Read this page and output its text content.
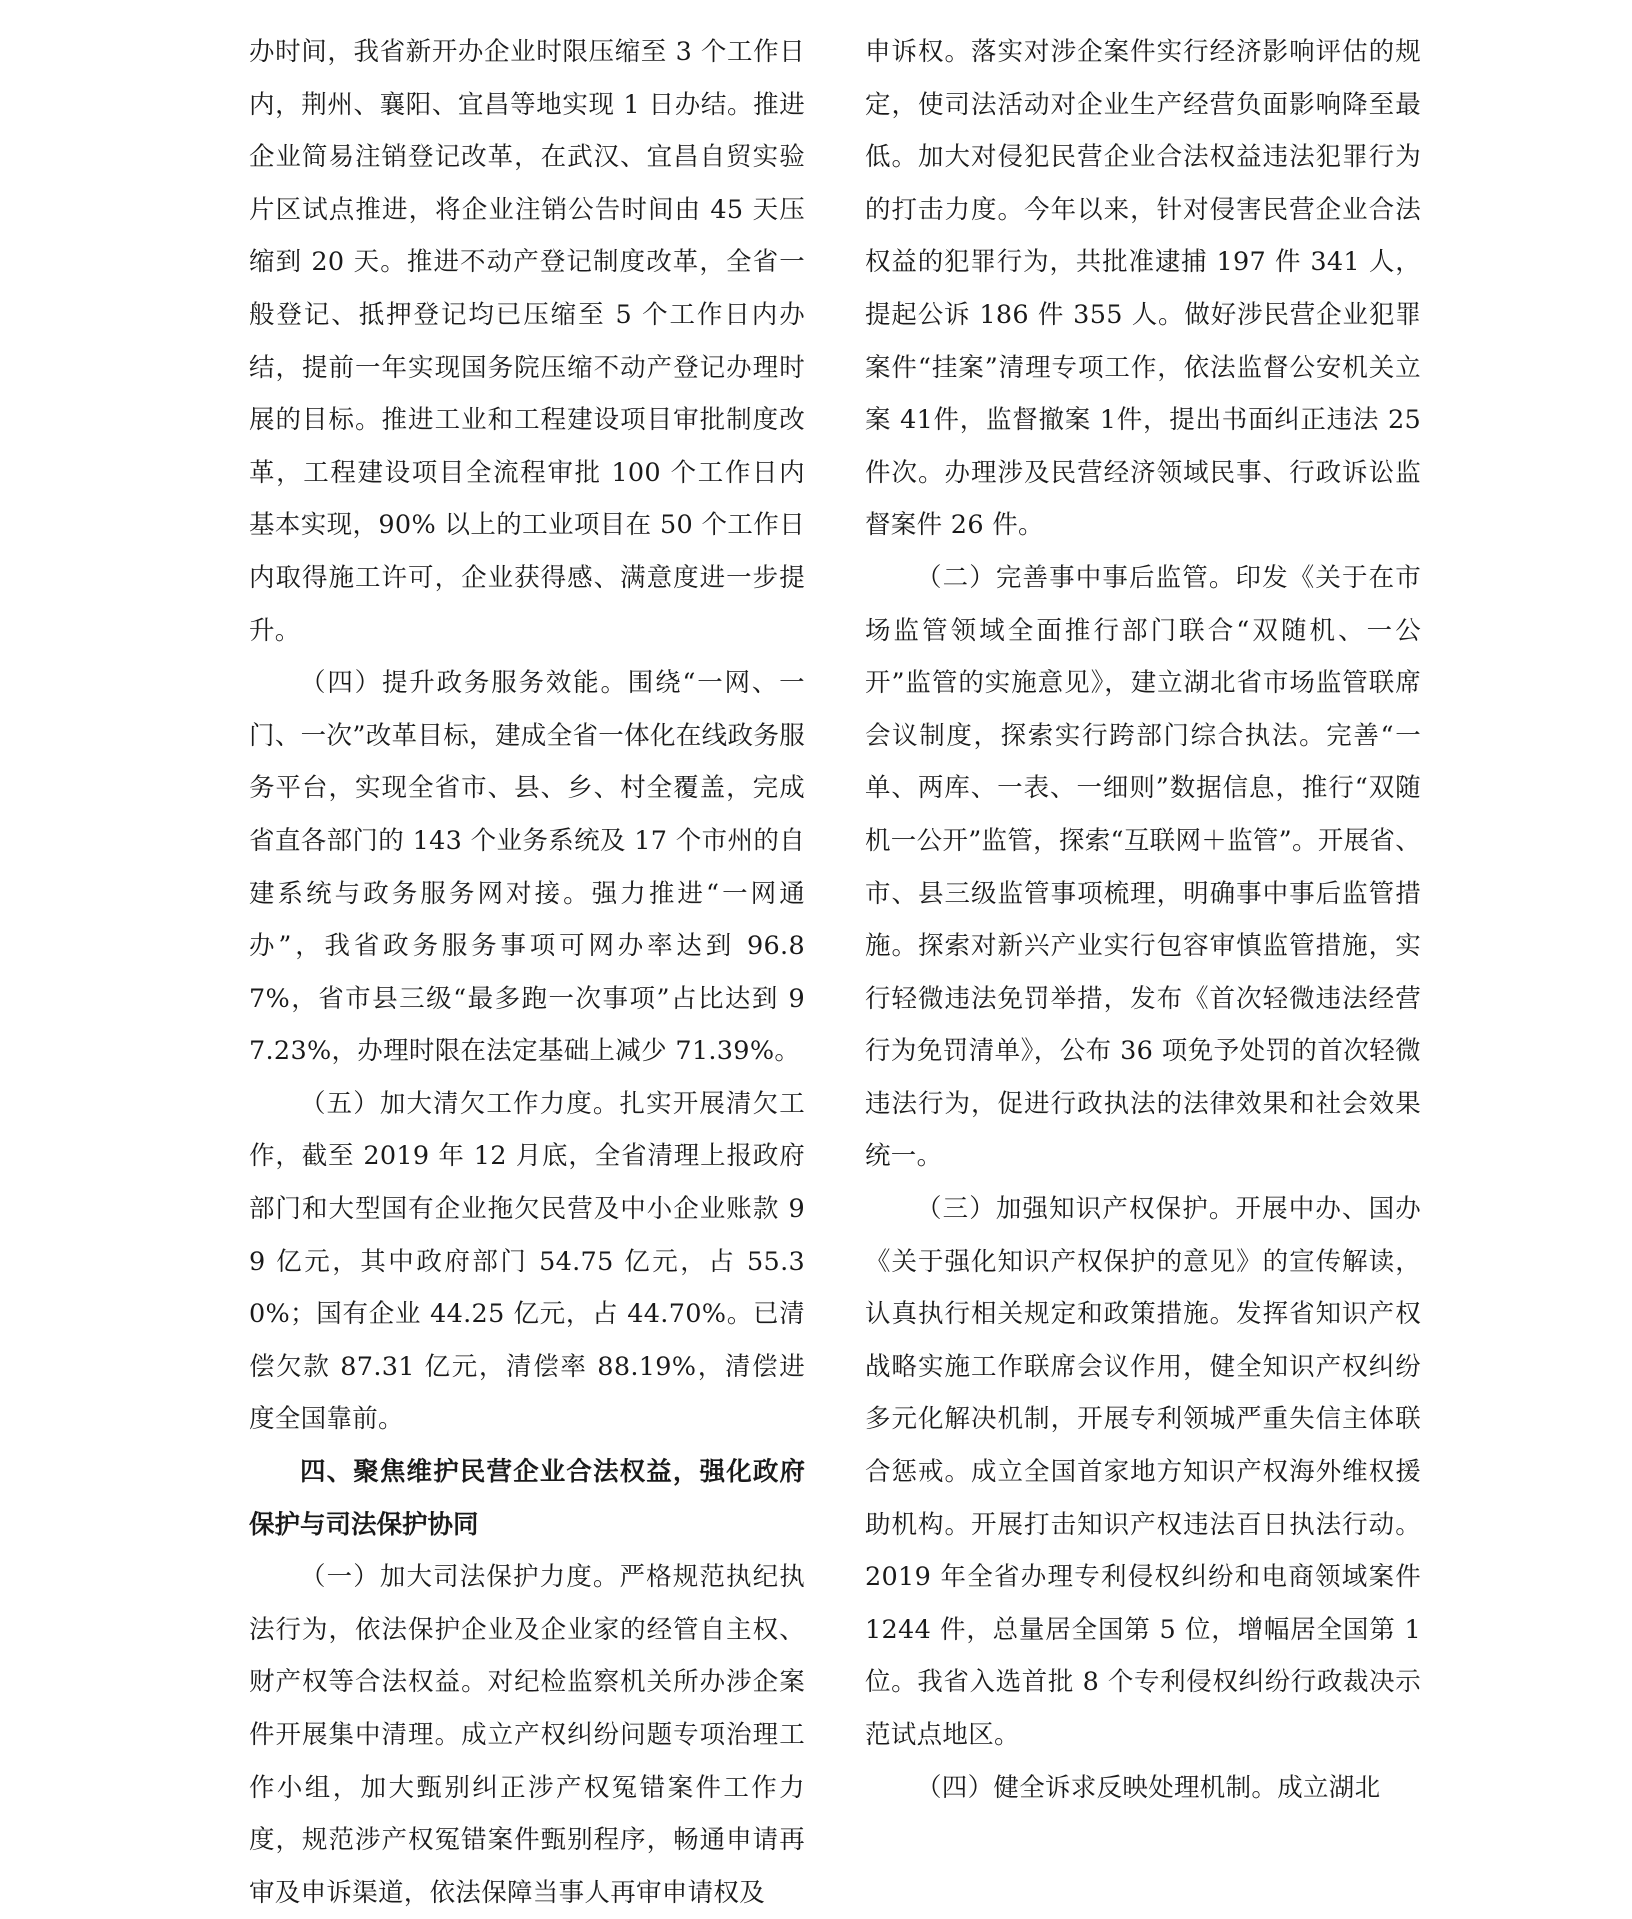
办时间，我省新开办企业时限压缩至 3 个工作日内，荆州、襄阳、宜昌等地实现 1 日办结。推进企业简易注销登记改革，在武汉、宜昌自贸实验片区试点推进，将企业注销公告时间由 45 天压缩到 20 天。推进不动产登记制度改革，全省一般登记、抵押登记均已压缩至 5 个工作日内办结，提前一年实现国务院压缩不动产登记办理时展的目标。推进工业和工程建设项目审批制度改革，工程建设项目全流程审批 100 个工作日内基本实现，90% 以上的工业项目在 50 个工作日内取得施工许可，企业获得感、满意度进一步提升。

（四）提升政务服务效能。围绕“一网、一门、一次”改革目标，建成全省一体化在线政务服务平台，实现全省市、县、乡、村全覆盖，完成省直各部门的 143 个业务系统及 17 个市州的自建系统与政务服务网对接。强力推进“一网通办”，我省政务服务事项可网办率达到 96.87%，省市县三级“最多跑一次事项”占比达到 97.23%，办理时限在法定基础上减少 71.39%。

（五）加大清欠工作力度。扎实开展清欠工作，截至 2019 年 12 月底，全省清理上报政府部门和大型国有企业拖欠民营及中小企业账款 99 亿元，其中政府部门 54.75 亿元，占 55.30%；国有企业 44.25 亿元，占 44.70%。已清偿欠款 87.31 亿元，清偿率 88.19%，清偿进度全国靠前。

四、聚焦维护民营企业合法权益，强化政府保护与司法保护协同

（一）加大司法保护力度。严格规范执纪执法行为，依法保护企业及企业家的经管自主权、财产权等合法权益。对纪检监察机关所办涉企案件开展集中清理。成立产权纠纷问题专项治理工作小组，加大甄别纠正涉产权冤错案件工作力度，规范涉产权冤错案件甄别程序，畅通申请再审及申诉渠道，依法保障当事人再审申请权及

申诉权。落实对涉企案件实行经济影响评估的规定，使司法活动对企业生产经营负面影响降至最低。加大对侵犯民营企业合法权益违法犯罪行为的打击力度。今年以来，针对侵害民营企业合法权益的犯罪行为，共批准逮捕 197 件 341 人，提起公诉 186 件 355 人。做好涉民营企业犯罪案件“挂案”清理专项工作，依法监督公安机关立案 41件，监督撤案 1件，提出书面纠正违法 25件次。办理涉及民营经济领域民事、行政诉讼监督案件 26 件。

（二）完善事中事后监管。印发《关于在市场监管领域全面推行部门联合“双随机、一公开”监管的实施意见》，建立湖北省市场监管联席会议制度，探索实行跨部门综合执法。完善“一单、两库、一表、一细则”数据信息，推行“双随机一公开”监管，探索“互联网＋监管”。开展省、市、县三级监管事项梳理，明确事中事后监管措施。探索对新兴产业实行包容审慎监管措施，实行轻微违法免罚举措，发布《首次轻微违法经营行为免罚清单》，公布 36 项免予处罚的首次轻微违法行为，促进行政执法的法律效果和社会效果统一。

（三）加强知识产权保护。开展中办、国办《关于强化知识产权保护的意见》的宣传解读，认真执行相关规定和政策措施。发挥省知识产权战略实施工作联席会议作用，健全知识产权纠纷多元化解决机制，开展专利领城严重失信主体联合惩戒。成立全国首家地方知识产权海外维权援助机构。开展打击知识产权违法百日执法行动。2019 年全省办理专利侵权纠纷和电商领域案件 1244 件，总量居全国第 5 位，增幅居全国第 1 位。我省入选首批 8 个专利侵权纠纷行政裁决示范试点地区。

（四）健全诉求反映处理机制。成立湖北
